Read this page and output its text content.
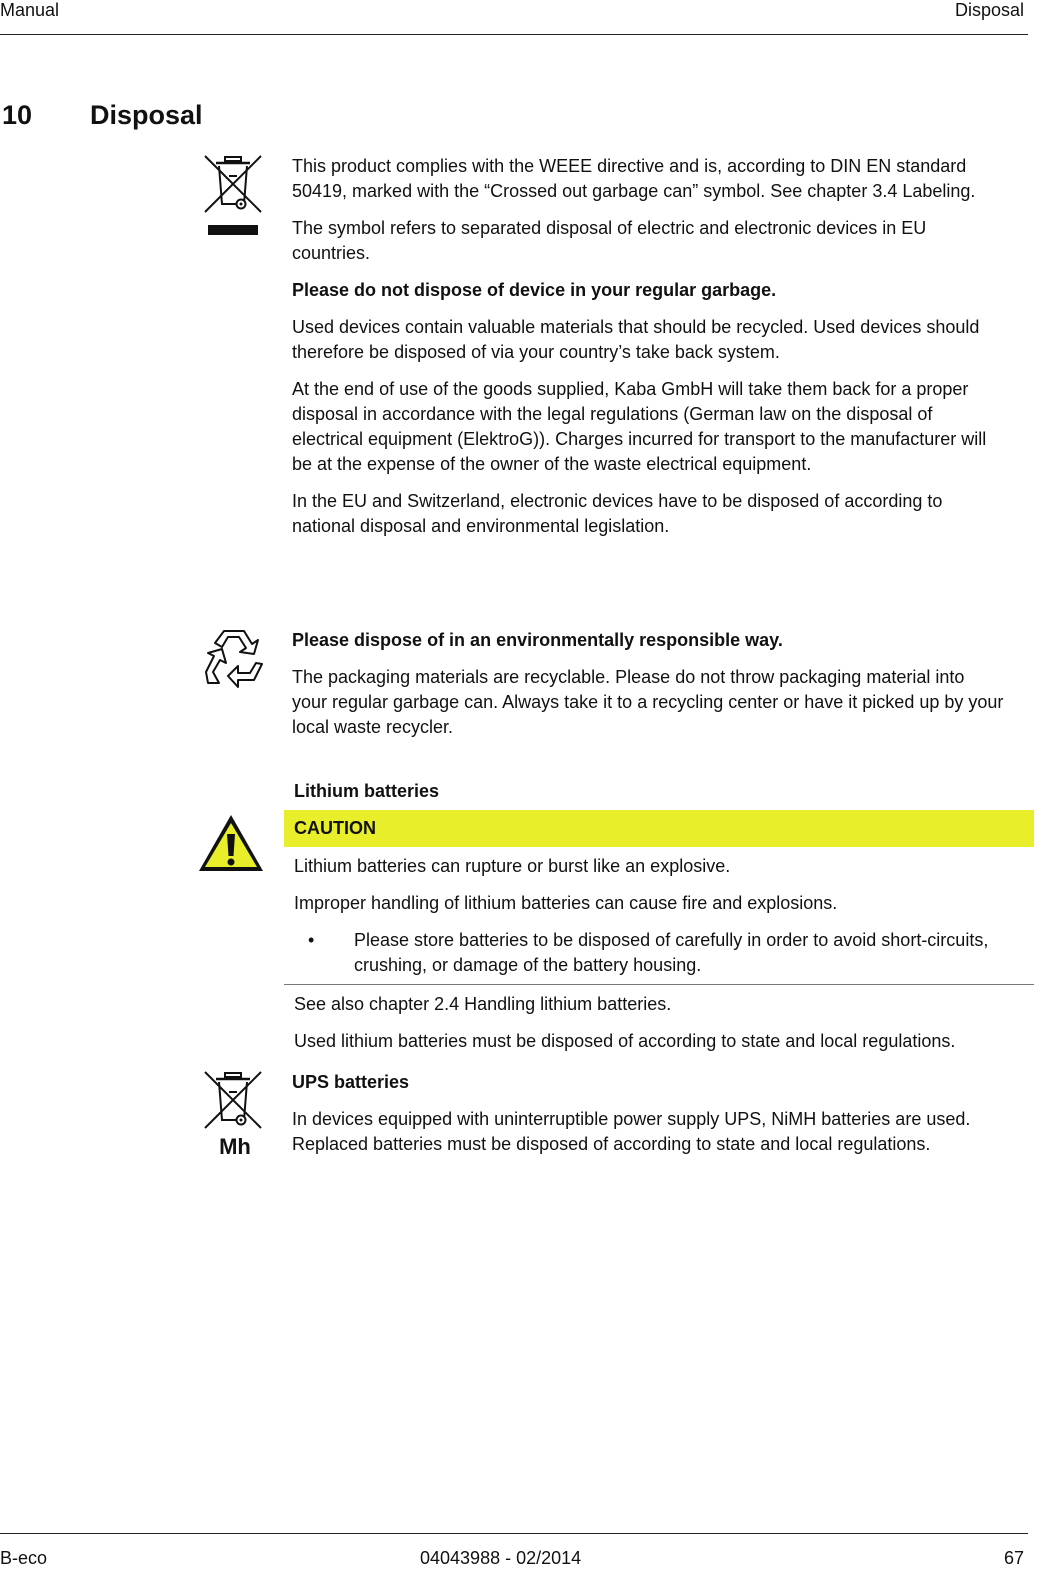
Manual	Disposal
10 Disposal

This product complies with the WEEE directive and is, according to DIN EN standard 50419, marked with the “Crossed out garbage can” symbol. See chapter 3.4 Labeling.

The symbol refers to separated disposal of electric and electronic devices in EU countries.

Please do not dispose of device in your regular garbage.

Used devices contain valuable materials that should be recycled. Used devices should therefore be disposed of via your country’s take back system.

At the end of use of the goods supplied, Kaba GmbH will take them back for a proper disposal in accordance with the legal regulations (German law on the disposal of electrical equipment (ElektroG)). Charges incurred for transport to the manufacturer will be at the expense of the owner of the waste electrical equipment.

In the EU and Switzerland, electronic devices have to be disposed of according to national disposal and environmental legislation.

Please dispose of in an environmentally responsible way.

The packaging materials are recyclable. Please do not throw packaging material into your regular garbage can. Always take it to a recycling center or have it picked up by your local waste recycler.

Lithium batteries
CAUTION

Lithium batteries can rupture or burst like an explosive.

Improper handling of lithium batteries can cause fire and explosions.

• Please store batteries to be disposed of carefully in order to avoid short-circuits, crushing, or damage of the battery housing.

See also chapter 2.4 Handling lithium batteries.

Used lithium batteries must be disposed of according to state and local regulations.

Mh

UPS batteries

In devices equipped with uninterruptible power supply UPS, NiMH batteries are used. Replaced batteries must be disposed of according to state and local regulations.

B-eco	04043988 - 02/2014	67
